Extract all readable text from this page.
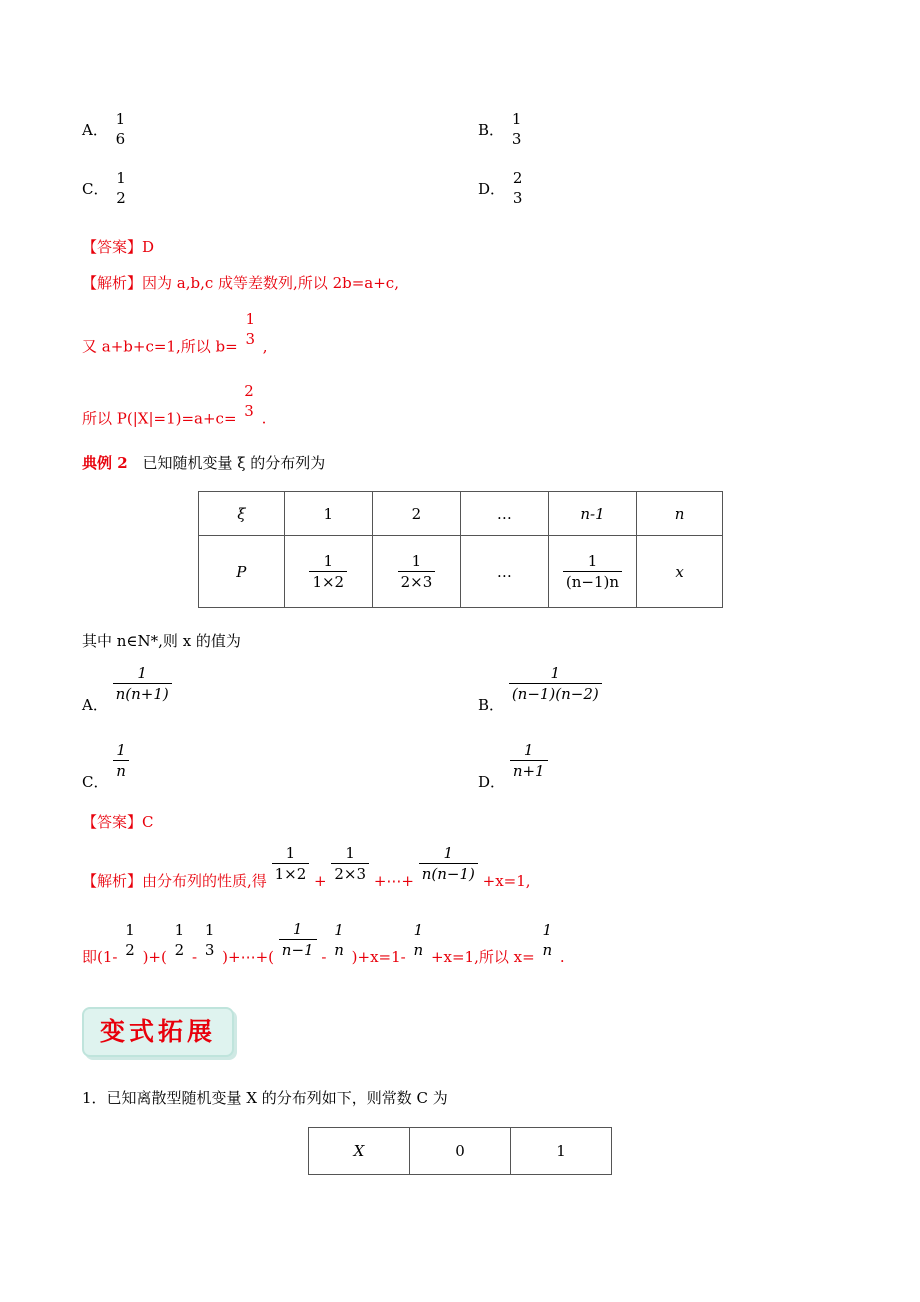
A．
1
6	B．
1
3
C．
1
2	D．
2
3
【答案】D
【解析】因为 a,b,c 成等差数列,所以 2b=a+c,
又 a+b+c=1,所以 b=
1
3 ,
所以 P(|X|=1)=a+c=
2
3 .
典例 2 已知随机变量 ξ 的分布列为
ξ	1	2	…	n-1	n
P	$\frac{1}{1\times 2}$	$\frac{1}{2\times 3}$	…	$\frac{1}{(n-1)n}$	x
其中 n∈N*,则 x 的值为
A．
$\frac{1}{n(n+1)}$
B．
$\frac{1}{(n-1)(n-2)}$
C．
$\frac{1}{n}$
D．
$\frac{1}{n+1}$
【答案】C
【解析】由分布列的性质,得 $\frac{1}{1\times 2} + \frac{1}{2\times 3}$ +⋯+ $\frac{1}{n(n-1)} +x=1$,
即(1-
1
2 )+(
1
2 -
1
3 )+⋯+( $\frac{1}{n-1}$ -
1
n )+x=1-
1
n +x=1,所以 x=
1
n .
变式拓展
1．已知离散型随机变量 X 的分布列如下，则常数 C 为
X	0	1
